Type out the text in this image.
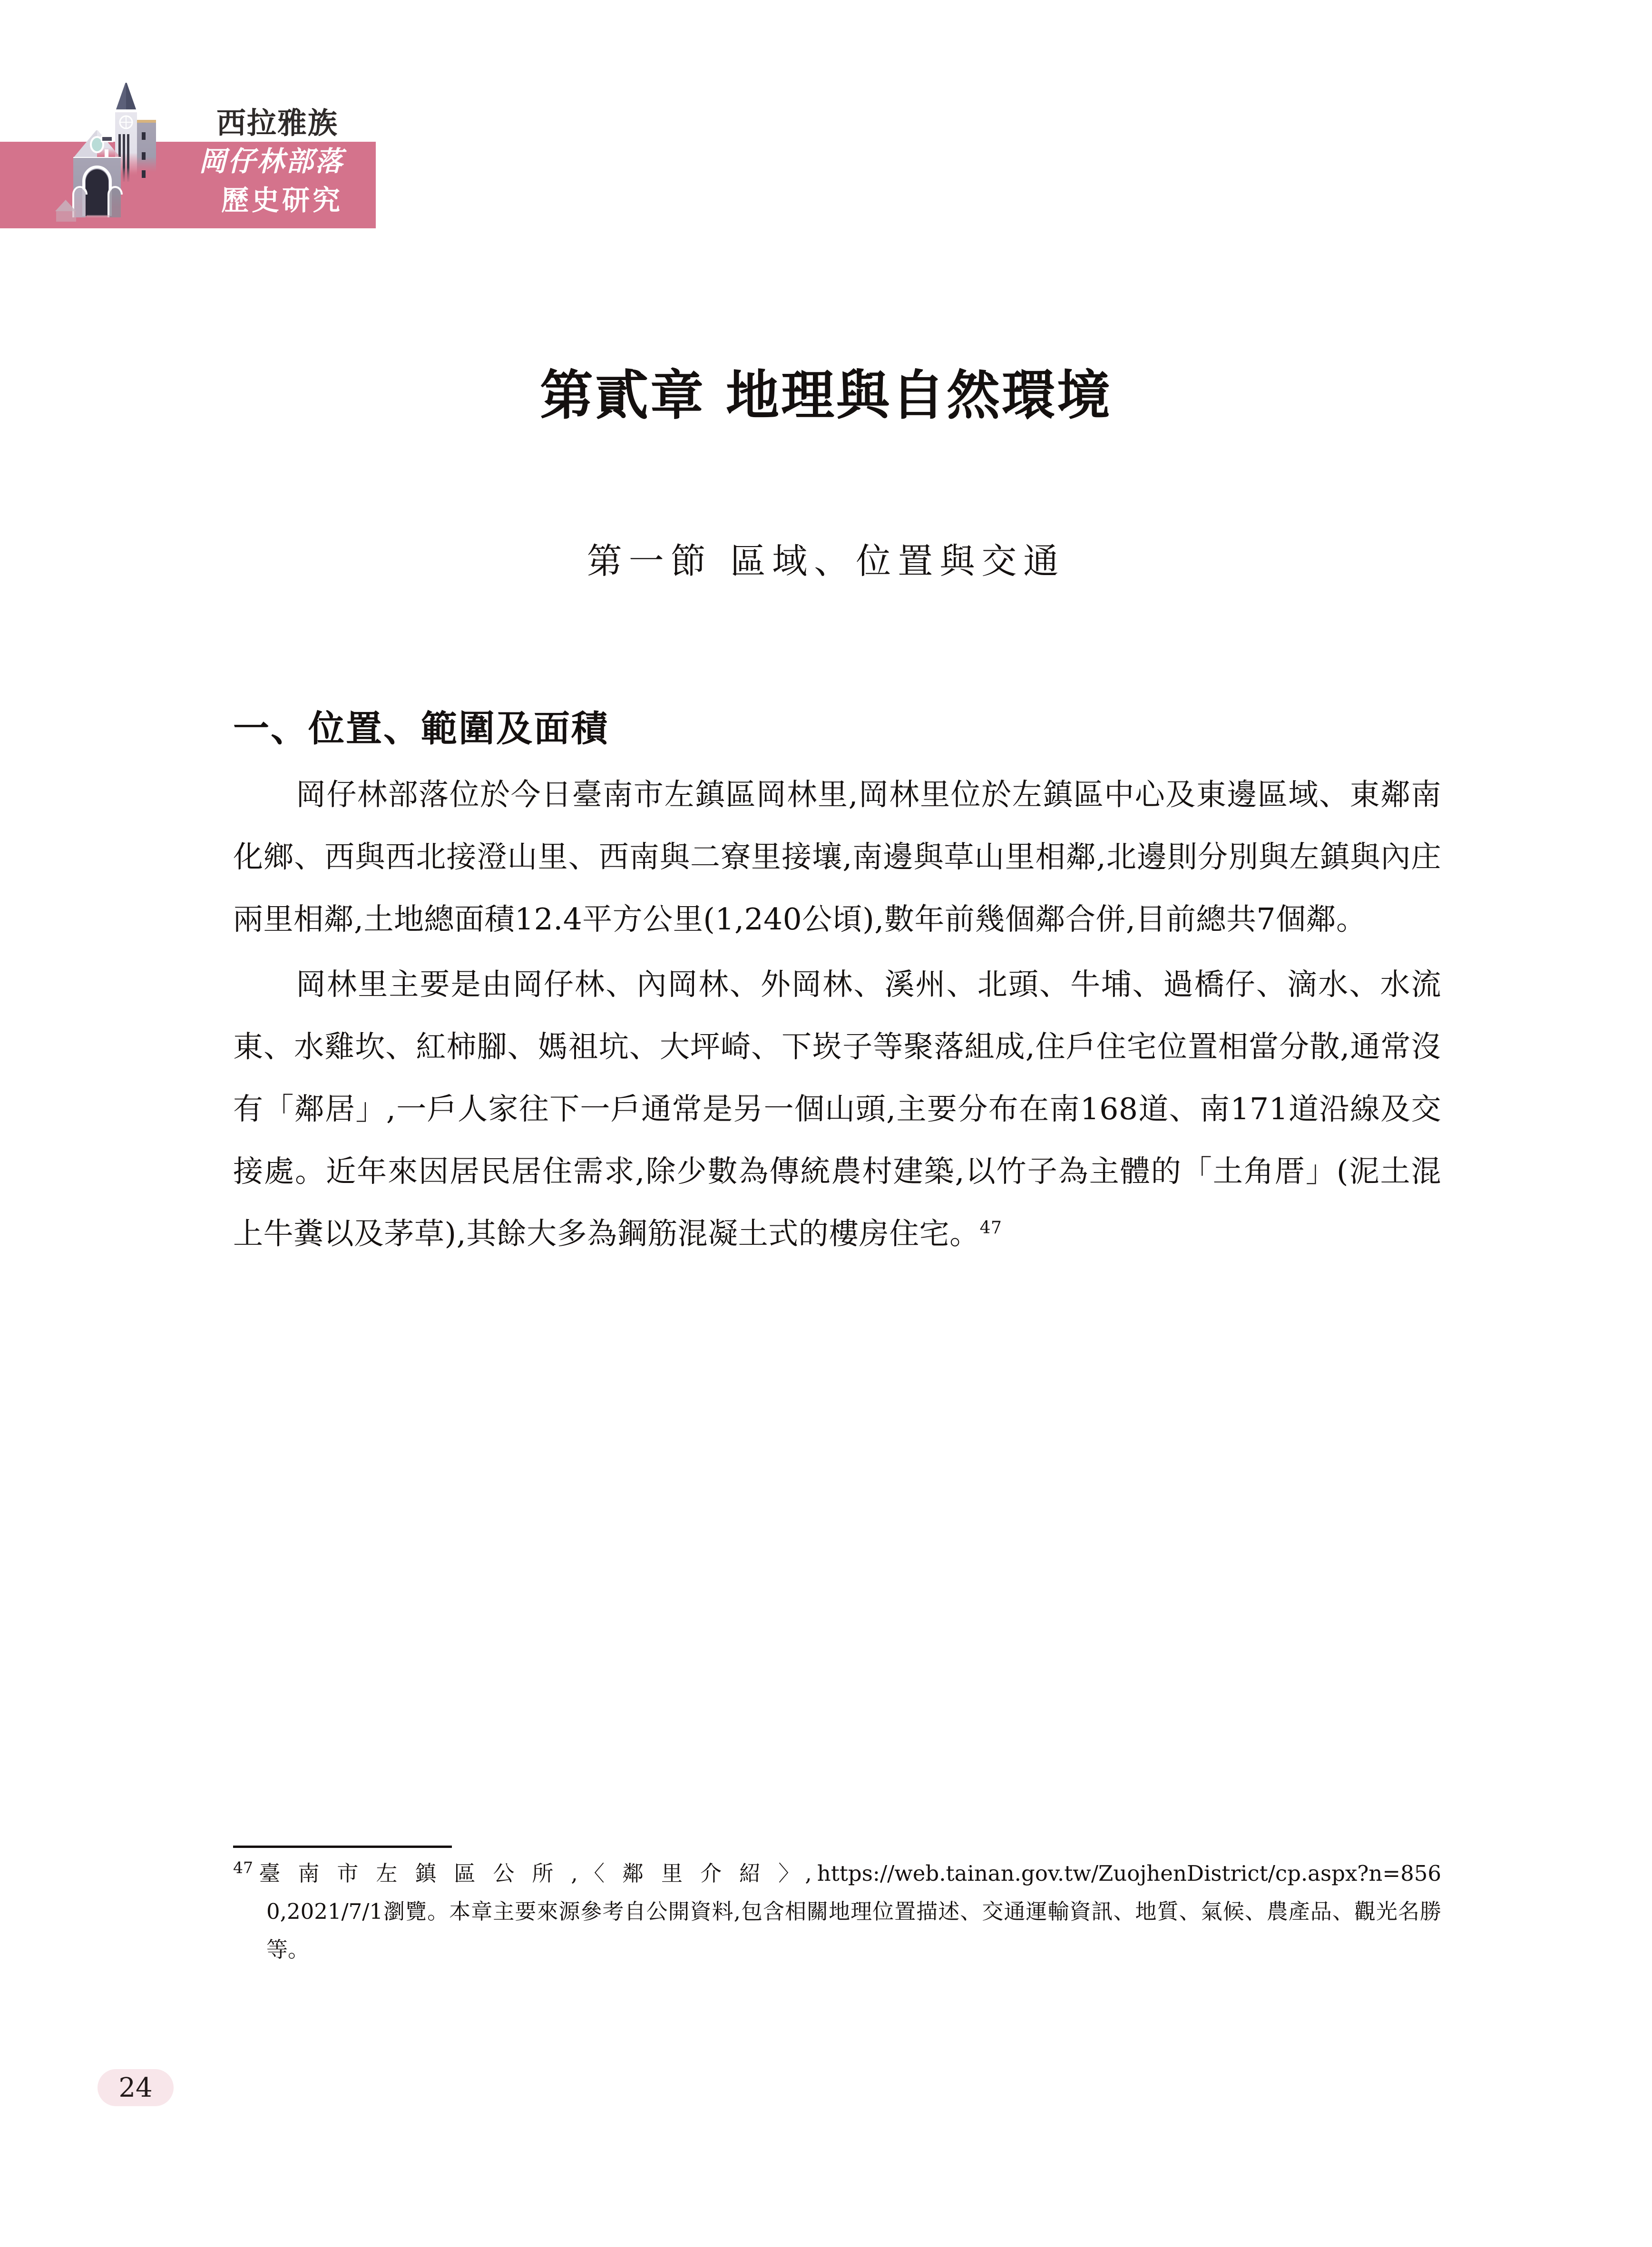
西拉雅族
岡仔林部落
歷史研究
第貳章 地理與自然環境
第一節 區域、位置與交通
一、位置、範圍及面積

岡仔林部落位於今日臺南市左鎮區岡林里,岡林里位於左鎮區中心及東邊區域、東鄰南化鄉、西與西北接澄山里、西南與二寮里接壤,南邊與草山里相鄰,北邊則分別與左鎮與內庄兩里相鄰,土地總面積12.4平方公里(1,240公頃),數年前幾個鄰合併,目前總共7個鄰。

岡林里主要是由岡仔林、內岡林、外岡林、溪州、北頭、牛埔、過橋仔、滴水、水流東、水雞坎、紅柿腳、媽祖坑、大坪崎、下崁子等聚落組成,住戶住宅位置相當分散,通常沒有「鄰居」,一戶人家往下一戶通常是另一個山頭,主要分布在南168道、南171道沿線及交接處。近年來因居民居住需求,除少數為傳統農村建築,以竹子為主體的「土角厝」(泥土混上牛糞以及茅草),其餘大多為鋼筋混凝土式的樓房住宅。$^{47}$

$^{47}$ 臺 南 市 左 鎮 區 公 所 ,〈 鄰 里 介 紹 〉,https://web.tainan.gov.tw/ZuojhenDistrict/cp.aspx?n=8560,2021/7/1瀏覽。本章主要來源參考自公開資料,包含相關地理位置描述、交通運輸資訊、地質、氣候、農產品、觀光名勝等。
24
